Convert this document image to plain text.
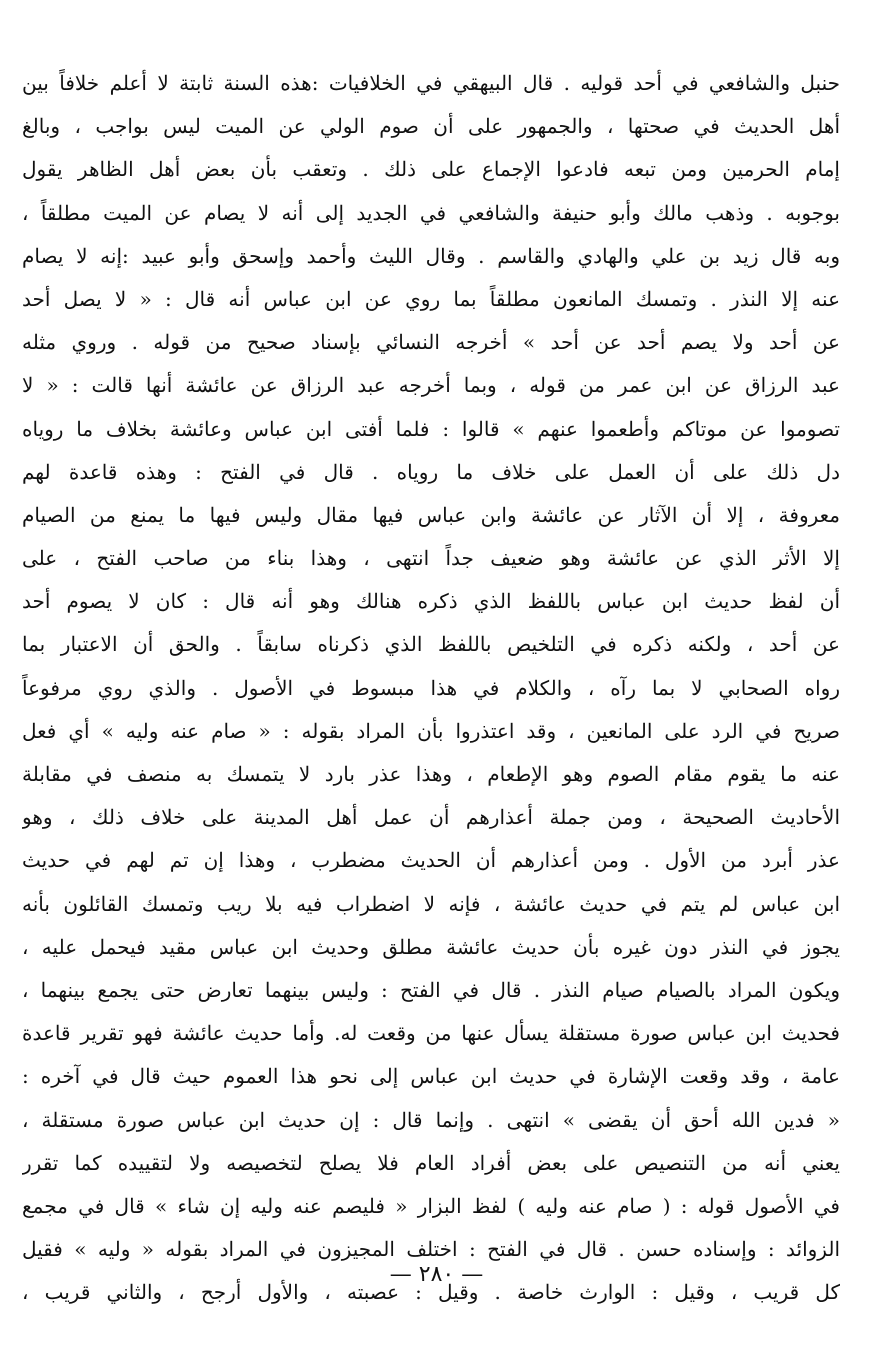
حنبل والشافعي في أحد قوليه . قال البيهقي في الخلافيات :هذه السنة ثابتة لا أعلم خلافاً بين
أهل الحديث في صحتها ، والجمهور على أن صوم الولي عن الميت ليس بواجب ، وبالغ
إمام الحرمين ومن تبعه فادعوا الإجماع على ذلك . وتعقب بأن بعض أهل الظاهر يقول
بوجوبه . وذهب مالك وأبو حنيفة والشافعي في الجديد إلى أنه لا يصام عن الميت مطلقاً ،
وبه قال زيد بن علي والهادي والقاسم . وقال الليث وأحمد وإسحق وأبو عبيد :إنه لا يصام
عنه إلا النذر . وتمسك المانعون مطلقاً بما روي عن ابن عباس أنه قال : « لا يصل أحد
عن أحد ولا يصم أحد عن أحد » أخرجه النسائي بإسناد صحيح من قوله . وروي مثله
عبد الرزاق عن ابن عمر من قوله ، وبما أخرجه عبد الرزاق عن عائشة أنها قالت : « لا
تصوموا عن موتاكم وأطعموا عنهم » قالوا : فلما أفتى ابن عباس وعائشة بخلاف ما روياه
دل ذلك على أن العمل على خلاف ما روياه . قال في الفتح : وهذه قاعدة لهم
معروفة ، إلا أن الآثار عن عائشة وابن عباس فيها مقال وليس فيها ما يمنع من الصيام
إلا الأثر الذي عن عائشة وهو ضعيف جداً انتهى ، وهذا بناء من صاحب الفتح ، على
أن لفظ حديث ابن عباس باللفظ الذي ذكره هنالك وهو أنه قال : كان لا يصوم أحد
عن أحد ، ولكنه ذكره في التلخيص باللفظ الذي ذكرناه سابقاً . والحق أن الاعتبار بما
رواه الصحابي لا بما رآه ، والكلام في هذا مبسوط في الأصول . والذي روي مرفوعاً
صريح في الرد على المانعين ، وقد اعتذروا بأن المراد بقوله : « صام عنه وليه » أي فعل
عنه ما يقوم مقام الصوم وهو الإطعام ، وهذا عذر بارد لا يتمسك به منصف في مقابلة
الأحاديث الصحيحة ، ومن جملة أعذارهم أن عمل أهل المدينة على خلاف ذلك ، وهو
عذر أبرد من الأول . ومن أعذارهم أن الحديث مضطرب ، وهذا إن تم لهم في حديث
ابن عباس لم يتم في حديث عائشة ، فإنه لا اضطراب فيه بلا ريب وتمسك القائلون بأنه
يجوز في النذر دون غيره بأن حديث عائشة مطلق وحديث ابن عباس مقيد فيحمل عليه ،
ويكون المراد بالصيام صيام النذر . قال في الفتح : وليس بينهما تعارض حتى يجمع بينهما ،
فحديث ابن عباس صورة مستقلة يسأل عنها من وقعت له. وأما حديث عائشة فهو تقرير قاعدة
عامة ، وقد وقعت الإشارة في حديث ابن عباس إلى نحو هذا العموم حيث قال في آخره :
« فدين الله أحق أن يقضى » انتهى . وإنما قال : إن حديث ابن عباس صورة مستقلة ،
يعني أنه من التنصيص على بعض أفراد العام فلا يصلح لتخصيصه ولا لتقييده كما تقرر
في الأصول قوله : ( صام عنه وليه ) لفظ البزار « فليصم عنه وليه إن شاء » قال في مجمع
الزوائد : وإسناده حسن . قال في الفتح : اختلف المجيزون في المراد بقوله « وليه » فقيل
كل قريب ، وقيل : الوارث خاصة . وقيل : عصبته ، والأول أرجح ، والثاني قريب ،
— ٢٨٠ —
